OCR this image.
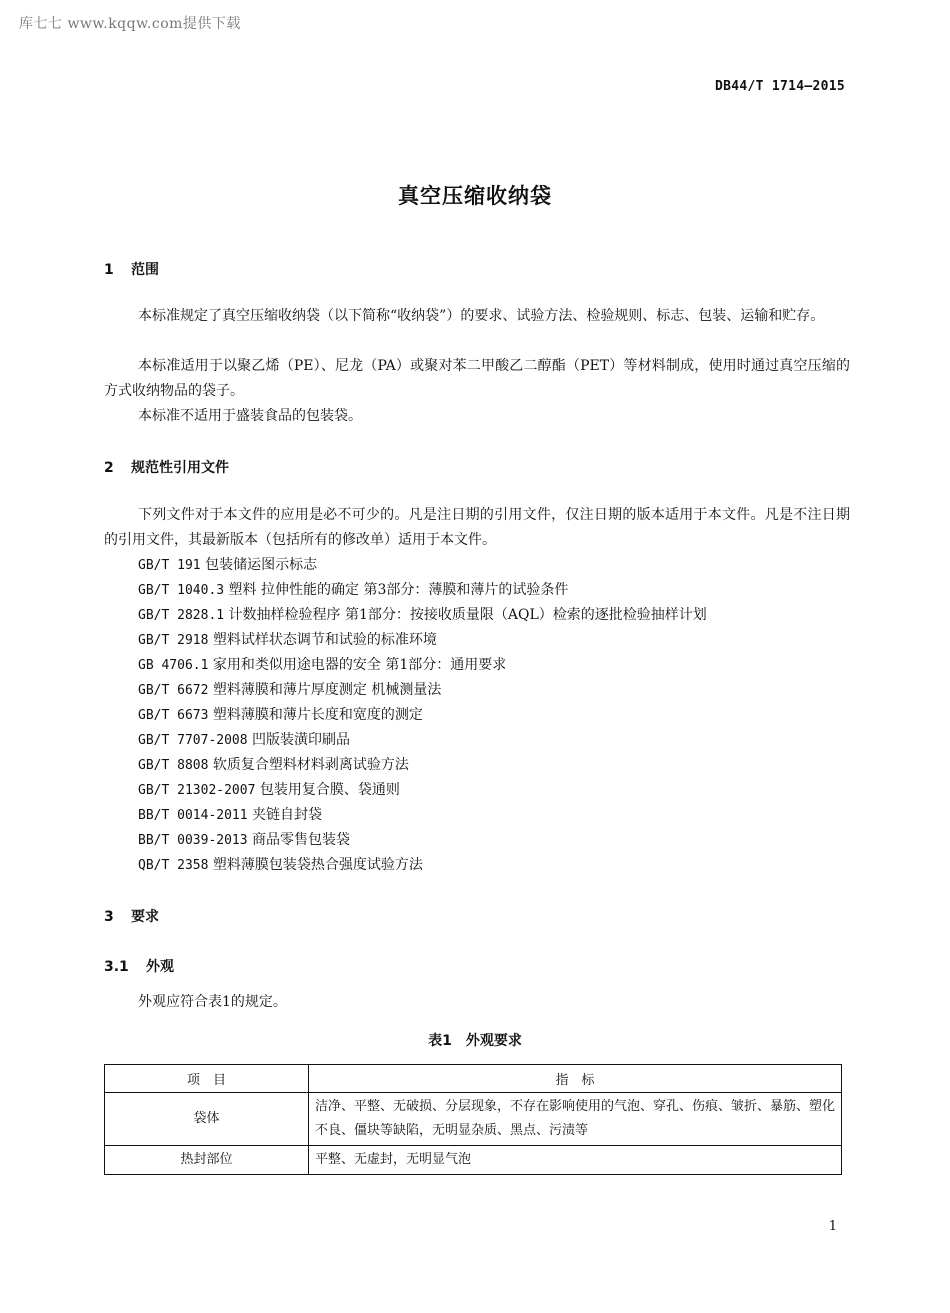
库七七 www.kqqw.com提供下载
DB44/T 1714—2015
真空压缩收纳袋
1 范围
本标准规定了真空压缩收纳袋（以下简称“收纳袋”）的要求、试验方法、检验规则、标志、包装、运输和贮存。
本标准适用于以聚乙烯（PE）、尼龙（PA）或聚对苯二甲酸乙二醇酯（PET）等材料制成，使用时通过真空压缩的方式收纳物品的袋子。
本标准不适用于盛装食品的包装袋。
2 规范性引用文件
下列文件对于本文件的应用是必不可少的。凡是注日期的引用文件，仅注日期的版本适用于本文件。凡是不注日期的引用文件，其最新版本（包括所有的修改单）适用于本文件。
GB/T 191 包装储运图示标志
GB/T 1040.3 塑料 拉伸性能的确定 第3部分：薄膜和薄片的试验条件
GB/T 2828.1 计数抽样检验程序 第1部分：按接收质量限（AQL）检索的逐批检验抽样计划
GB/T 2918 塑料试样状态调节和试验的标准环境
GB 4706.1 家用和类似用途电器的安全 第1部分：通用要求
GB/T 6672 塑料薄膜和薄片厚度测定 机械测量法
GB/T 6673 塑料薄膜和薄片长度和宽度的测定
GB/T 7707-2008 凹版装潢印刷品
GB/T 8808 软质复合塑料材料剥离试验方法
GB/T 21302-2007 包装用复合膜、袋通则
BB/T 0014-2011 夹链自封袋
BB/T 0039-2013 商品零售包装袋
QB/T 2358 塑料薄膜包装袋热合强度试验方法
3 要求
3.1 外观
外观应符合表1的规定。
表1　外观要求
项　目	指　标
袋体	洁净、平整、无破损、分层现象，不存在影响使用的气泡、穿孔、伤痕、皱折、暴筋、塑化不良、僵块等缺陷，无明显杂质、黑点、污渍等
热封部位	平整、无虚封，无明显气泡
1
